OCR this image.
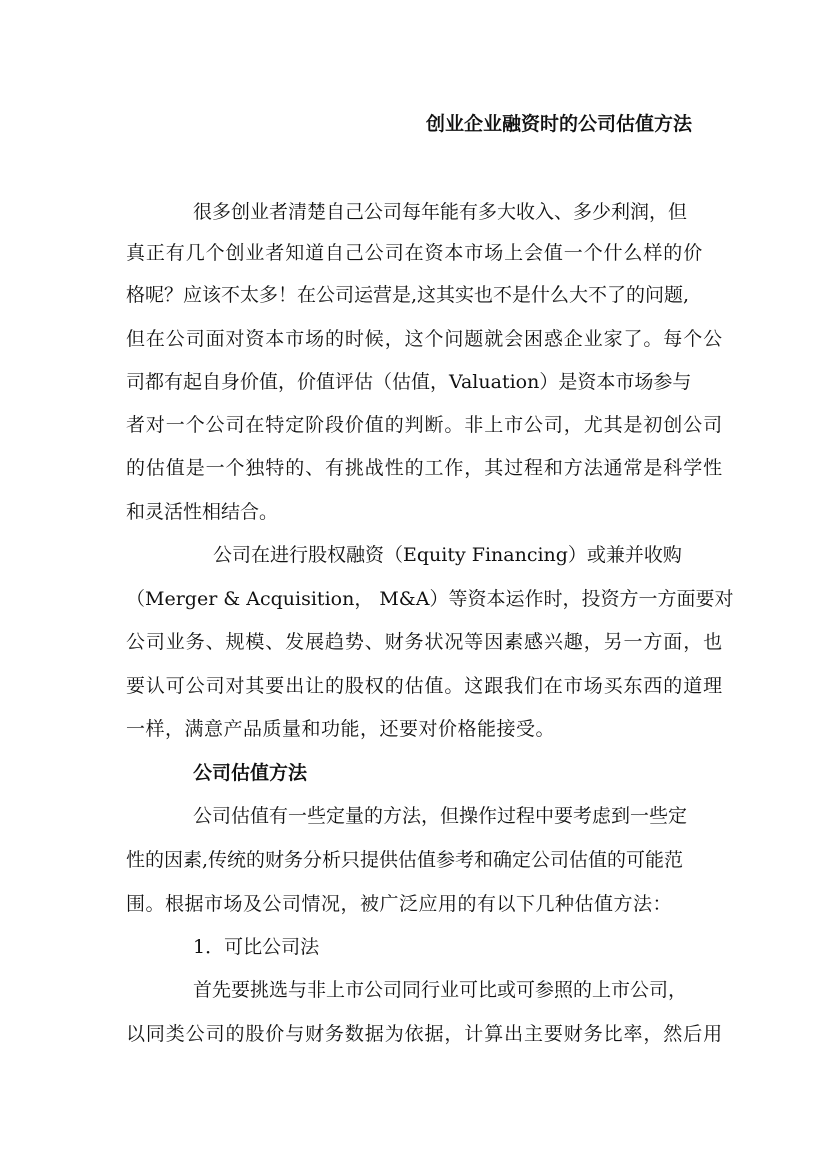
创业企业融资时的公司估值方法
很多创业者清楚自己公司每年能有多大收入、多少利润，但
真正有几个创业者知道自己公司在资本市场上会值一个什么样的价
格呢？应该不太多！在公司运营是,这其实也不是什么大不了的问题,
但在公司面对资本市场的时候，这个问题就会困惑企业家了。每个公
司都有起自身价值，价值评估（估值，Valuation）是资本市场参与
者对一个公司在特定阶段价值的判断。非上市公司，尤其是初创公司
的估值是一个独特的、有挑战性的工作，其过程和方法通常是科学性
和灵活性相结合。
公司在进行股权融资（Equity Financing）或兼并收购
（Merger & Acquisition， M&A）等资本运作时，投资方一方面要对
公司业务、规模、发展趋势、财务状况等因素感兴趣，另一方面，也
要认可公司对其要出让的股权的估值。这跟我们在市场买东西的道理
一样，满意产品质量和功能，还要对价格能接受。
公司估值方法
公司估值有一些定量的方法，但操作过程中要考虑到一些定
性的因素,传统的财务分析只提供估值参考和确定公司估值的可能范
围。根据市场及公司情况，被广泛应用的有以下几种估值方法：
1．可比公司法
首先要挑选与非上市公司同行业可比或可参照的上市公司，
以同类公司的股价与财务数据为依据，计算出主要财务比率，然后用
